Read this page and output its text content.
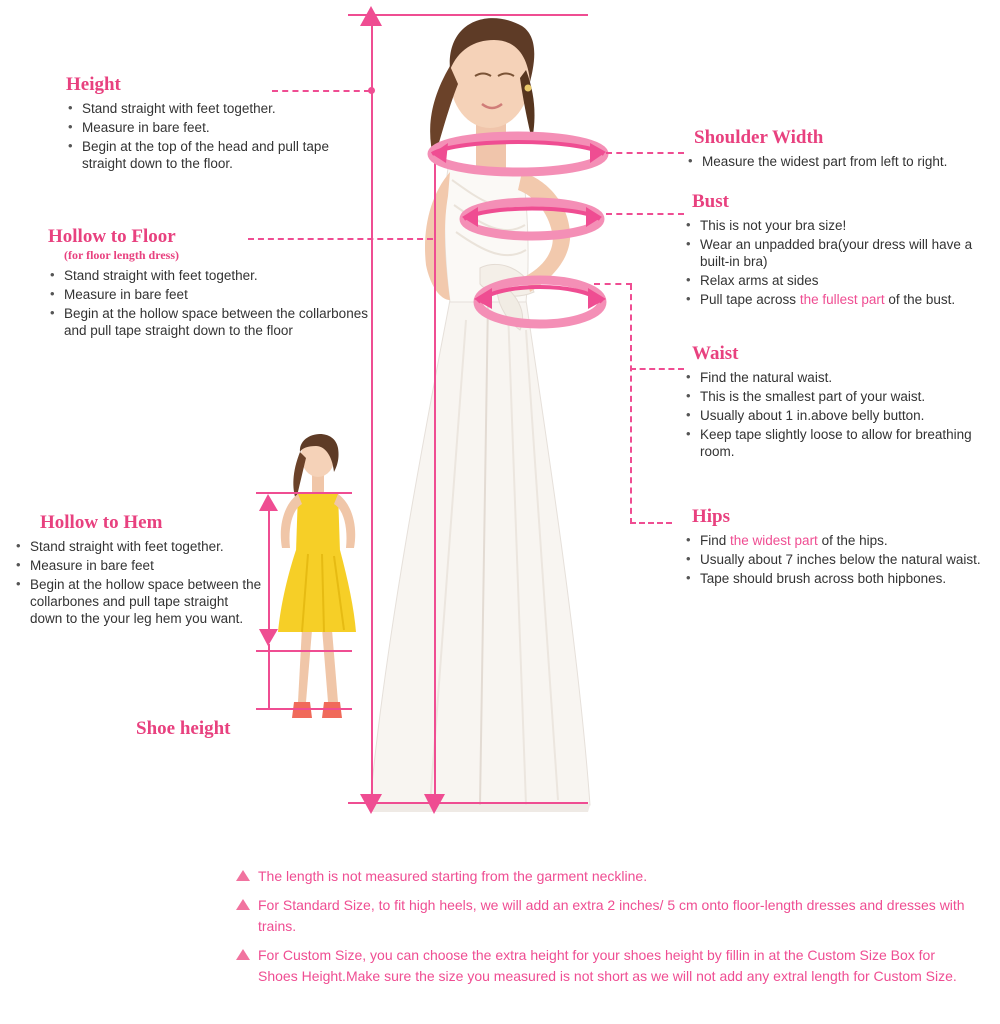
Height
• Stand straight with feet together.
• Measure in bare feet.
• Begin at the top of the head and pull tape straight down to the floor.
Hollow to Floor
(for floor length dress)
• Stand straight with feet together.
• Measure in bare feet
• Begin at the hollow space between the collarbones and pull tape straight down to the floor
Hollow to Hem
• Stand straight with feet together.
• Measure in bare feet
• Begin at the hollow space between the collarbones and pull tape straight down to the your leg hem you want.
Shoe height
Shoulder Width
• Measure the widest part from left to right.
Bust
• This is not your bra size!
• Wear an unpadded bra(your dress will have a built-in bra)
• Relax arms at sides
• Pull tape across the fullest part of the bust.
Waist
• Find the natural waist.
• This is the smallest part of your waist.
• Usually about 1 in.above belly button.
• Keep tape slightly loose to allow for breathing room.
Hips
• Find the widest part of the hips.
• Usually about 7 inches below the natural waist.
• Tape should brush across both hipbones.
The length is not measured starting from the garment neckline.
For Standard Size, to fit high heels, we will add an extra 2 inches/ 5 cm onto floor-length dresses and dresses with trains.
For Custom Size, you can choose the extra height for your shoes height by fillin in at the Custom Size Box for Shoes Height.Make sure the size you measured is not short as we will not add any extral length for Custom Size.
